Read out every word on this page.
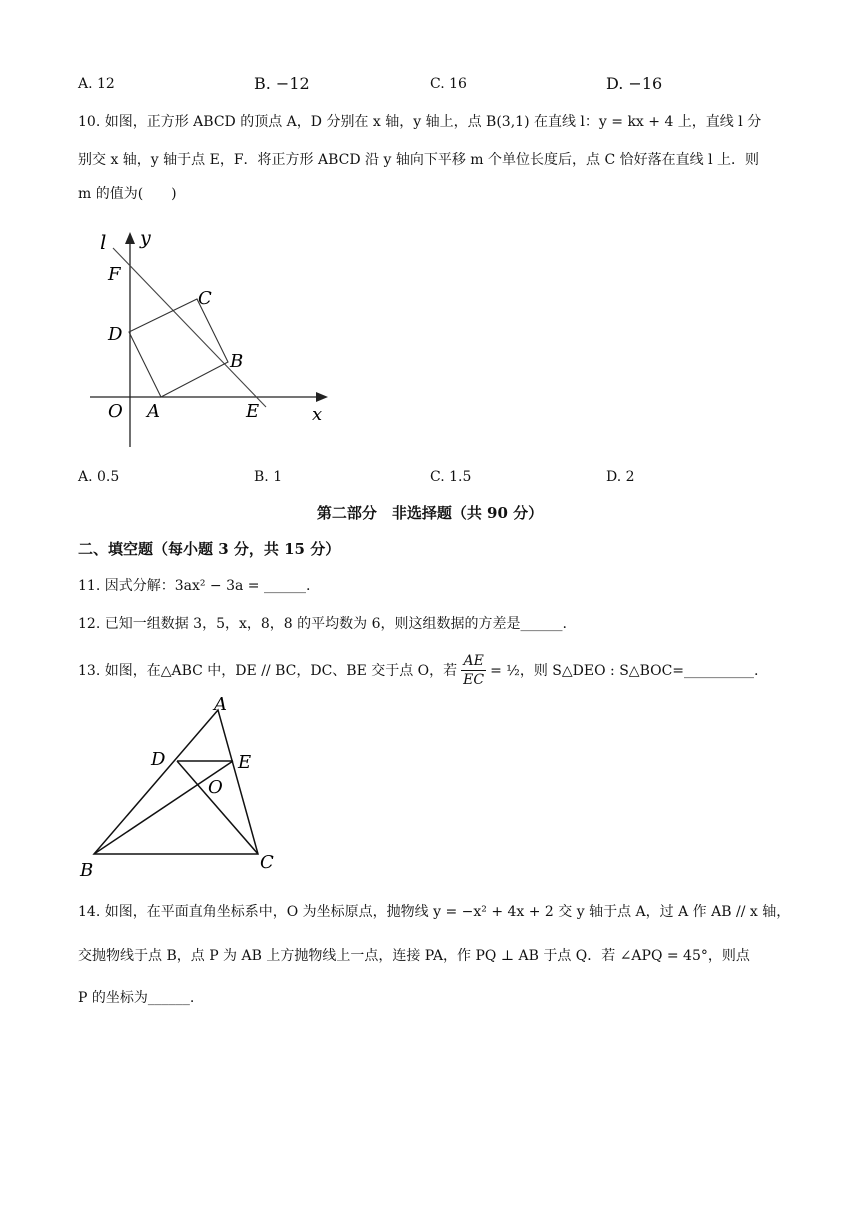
A. 12	B. −12	C. 16	D. −16
10. 如图，正方形 ABCD 的顶点 A，D 分别在 x 轴，y 轴上，点 B(3,1) 在直线 l：y = kx + 4 上，直线 l 分
别交 x 轴，y 轴于点 E，F．将正方形 ABCD 沿 y 轴向下平移 m 个单位长度后，点 C 恰好落在直线 l 上．则
m 的值为(　　)
l y
F
C
D
B
O A	E	x
A. 0.5	B. 1	C. 1.5	D. 2
第二部分　非选择题（共 90 分）
二、填空题（每小题 3 分，共 15 分）
11. 因式分解：3ax² − 3a = ______.
12. 已知一组数据 3，5，x，8，8 的平均数为 6，则这组数据的方差是______.
13. 如图，在△ABC 中，DE // BC，DC、BE 交于点 O，若 $\frac{AE}{EC}$ = ½，则 S△DEO : S△BOC=__________.
A
D	E
O
B	C
14. 如图，在平面直角坐标系中，O 为坐标原点，抛物线 y = −x² + 4x + 2 交 y 轴于点 A，过 A 作 AB // x 轴，
交抛物线于点 B，点 P 为 AB 上方抛物线上一点，连接 PA，作 PQ ⊥ AB 于点 Q．若 ∠APQ = 45°，则点
P 的坐标为______.
